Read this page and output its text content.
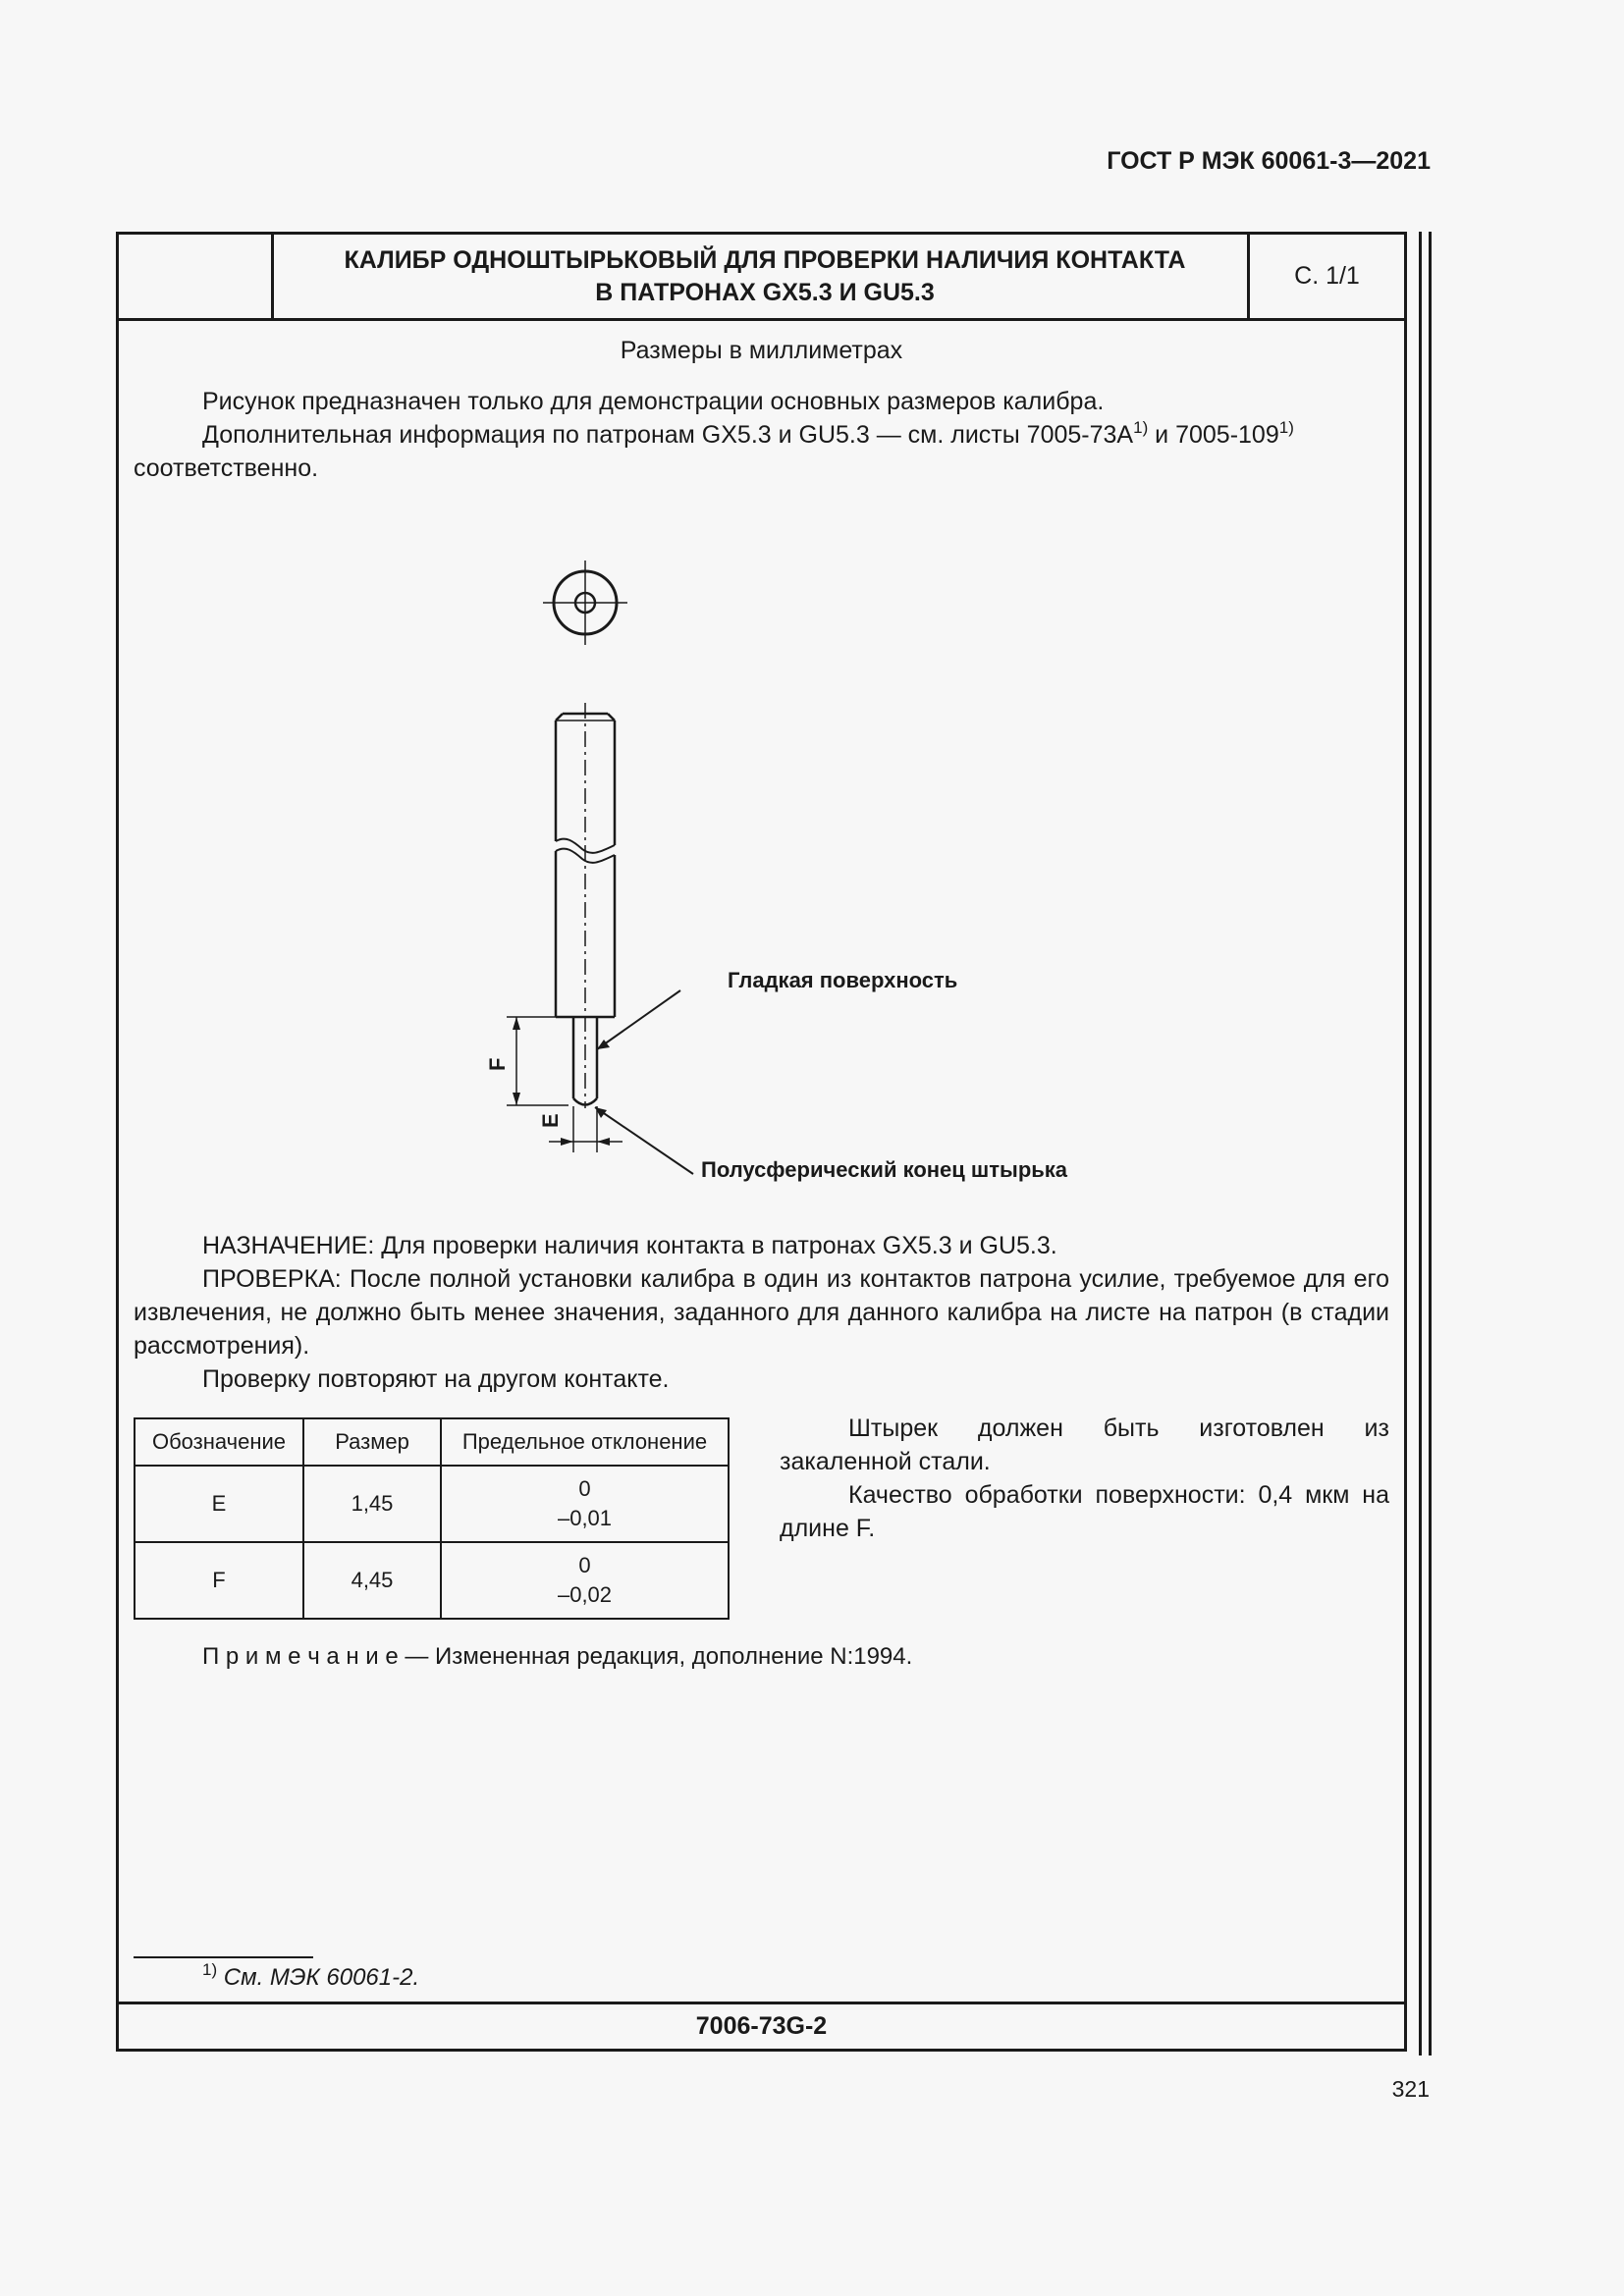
ГОСТ Р МЭК 60061-3—2021
КАЛИБР ОДНОШТЫРЬКОВЫЙ ДЛЯ ПРОВЕРКИ НАЛИЧИЯ КОНТАКТА
В ПАТРОНАХ GX5.3 И GU5.3
С. 1/1
Размеры в миллиметрах
Рисунок предназначен только для демонстрации основных размеров калибра.
Дополнительная информация по патронам GX5.3 и GU5.3 — см. листы $7005-73А^{1)}$ и 7005-109$^{1)}$
соответственно.
Гладкая поверхность
Полусферический конец штырька
F
E
НАЗНАЧЕНИЕ: Для проверки наличия контакта в патронах GX5.3 и GU5.3.
ПРОВЕРКА: После полной установки калибра в один из контактов патрона усилие, требуемое для его извлечения, не должно быть менее значения, заданного для данного калибра на листе на патрон (в стадии рассмотрения).
Проверку повторяют на другом контакте.
Обозначение	Размер	Предельное отклонение
E	1,45	0
–0,01

F	4,45	0
–0,02
Штырек должен быть изготовлен из закаленной стали.
Качество обработки поверхности: 0,4 мкм на длине F.
П р и м е ч а н и е — Измененная редакция, дополнение N:1994.
$^{1)}$ См. МЭК 60061-2.
7006-73G-2
321
